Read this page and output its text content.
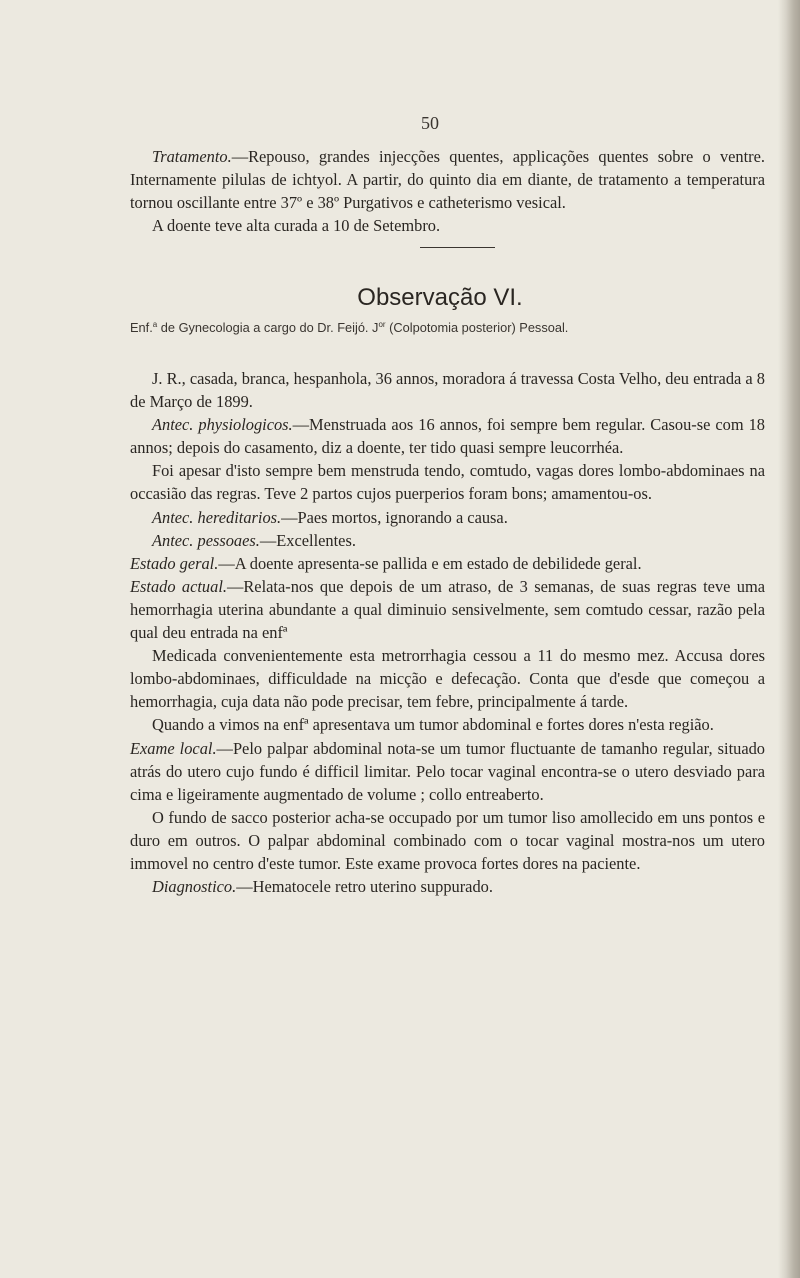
50

Tratamento.—Repouso, grandes injecções quentes, applicações quentes sobre o ventre. Internamente pilulas de ichtyol. A partir, do quinto dia em diante, de tratamento a temperatura tornou oscillante entre 37º e 38º Purgativos e catheterismo vesical.

A doente teve alta curada a 10 de Setembro.

Observação VI.
Enf.$^a$ de Gynecologia a cargo do Dr. Feijó. $J^{or}$ (Colpotomia posterior) Pessoal.

J. R., casada, branca, hespanhola, 36 annos, moradora á travessa Costa Velho, deu entrada a 8 de Março de 1899.

Antec. physiologicos.—Menstruada aos 16 annos, foi sempre bem regular. Casou-se com 18 annos; depois do casamento, diz a doente, ter tido quasi sempre leucorrhéa.

Foi apesar d'isto sempre bem menstruda tendo, comtudo, vagas dores lombo-abdominaes na occasião das regras. Teve 2 partos cujos puerperios foram bons; amamentou-os.

Antec. hereditarios.—Paes mortos, ignorando a causa.

Antec. pessoaes.—Excellentes.

Estado geral.—A doente apresenta-se pallida e em estado de debilidede geral.

Estado actual.—Relata-nos que depois de um atraso, de 3 semanas, de suas regras teve uma hemorrhagia uterina abundante a qual diminuio sensivelmente, sem comtudo cessar, razão pela qual deu entrada na enfª

Medicada convenientemente esta metrorrhagia cessou a 11 do mesmo mez. Accusa dores lombo-abdominaes, difficuldade na micção e defecação. Conta que d'esde que começou a hemorrhagia, cuja data não pode precisar, tem febre, principalmente á tarde.

Quando a vimos na enfª apresentava um tumor abdominal e fortes dores n'esta região.

Exame local.—Pelo palpar abdominal nota-se um tumor fluctuante de tamanho regular, situado atrás do utero cujo fundo é difficil limitar. Pelo tocar vaginal encontra-se o utero desviado para cima e ligeiramente augmentado de volume ; collo entreaberto.

O fundo de sacco posterior acha-se occupado por um tumor liso amollecido em uns pontos e duro em outros. O palpar abdominal combinado com o tocar vaginal mostra-nos um utero immovel no centro d'este tumor. Este exame provoca fortes dores na paciente.

Diagnostico.—Hematocele retro uterino suppurado.
